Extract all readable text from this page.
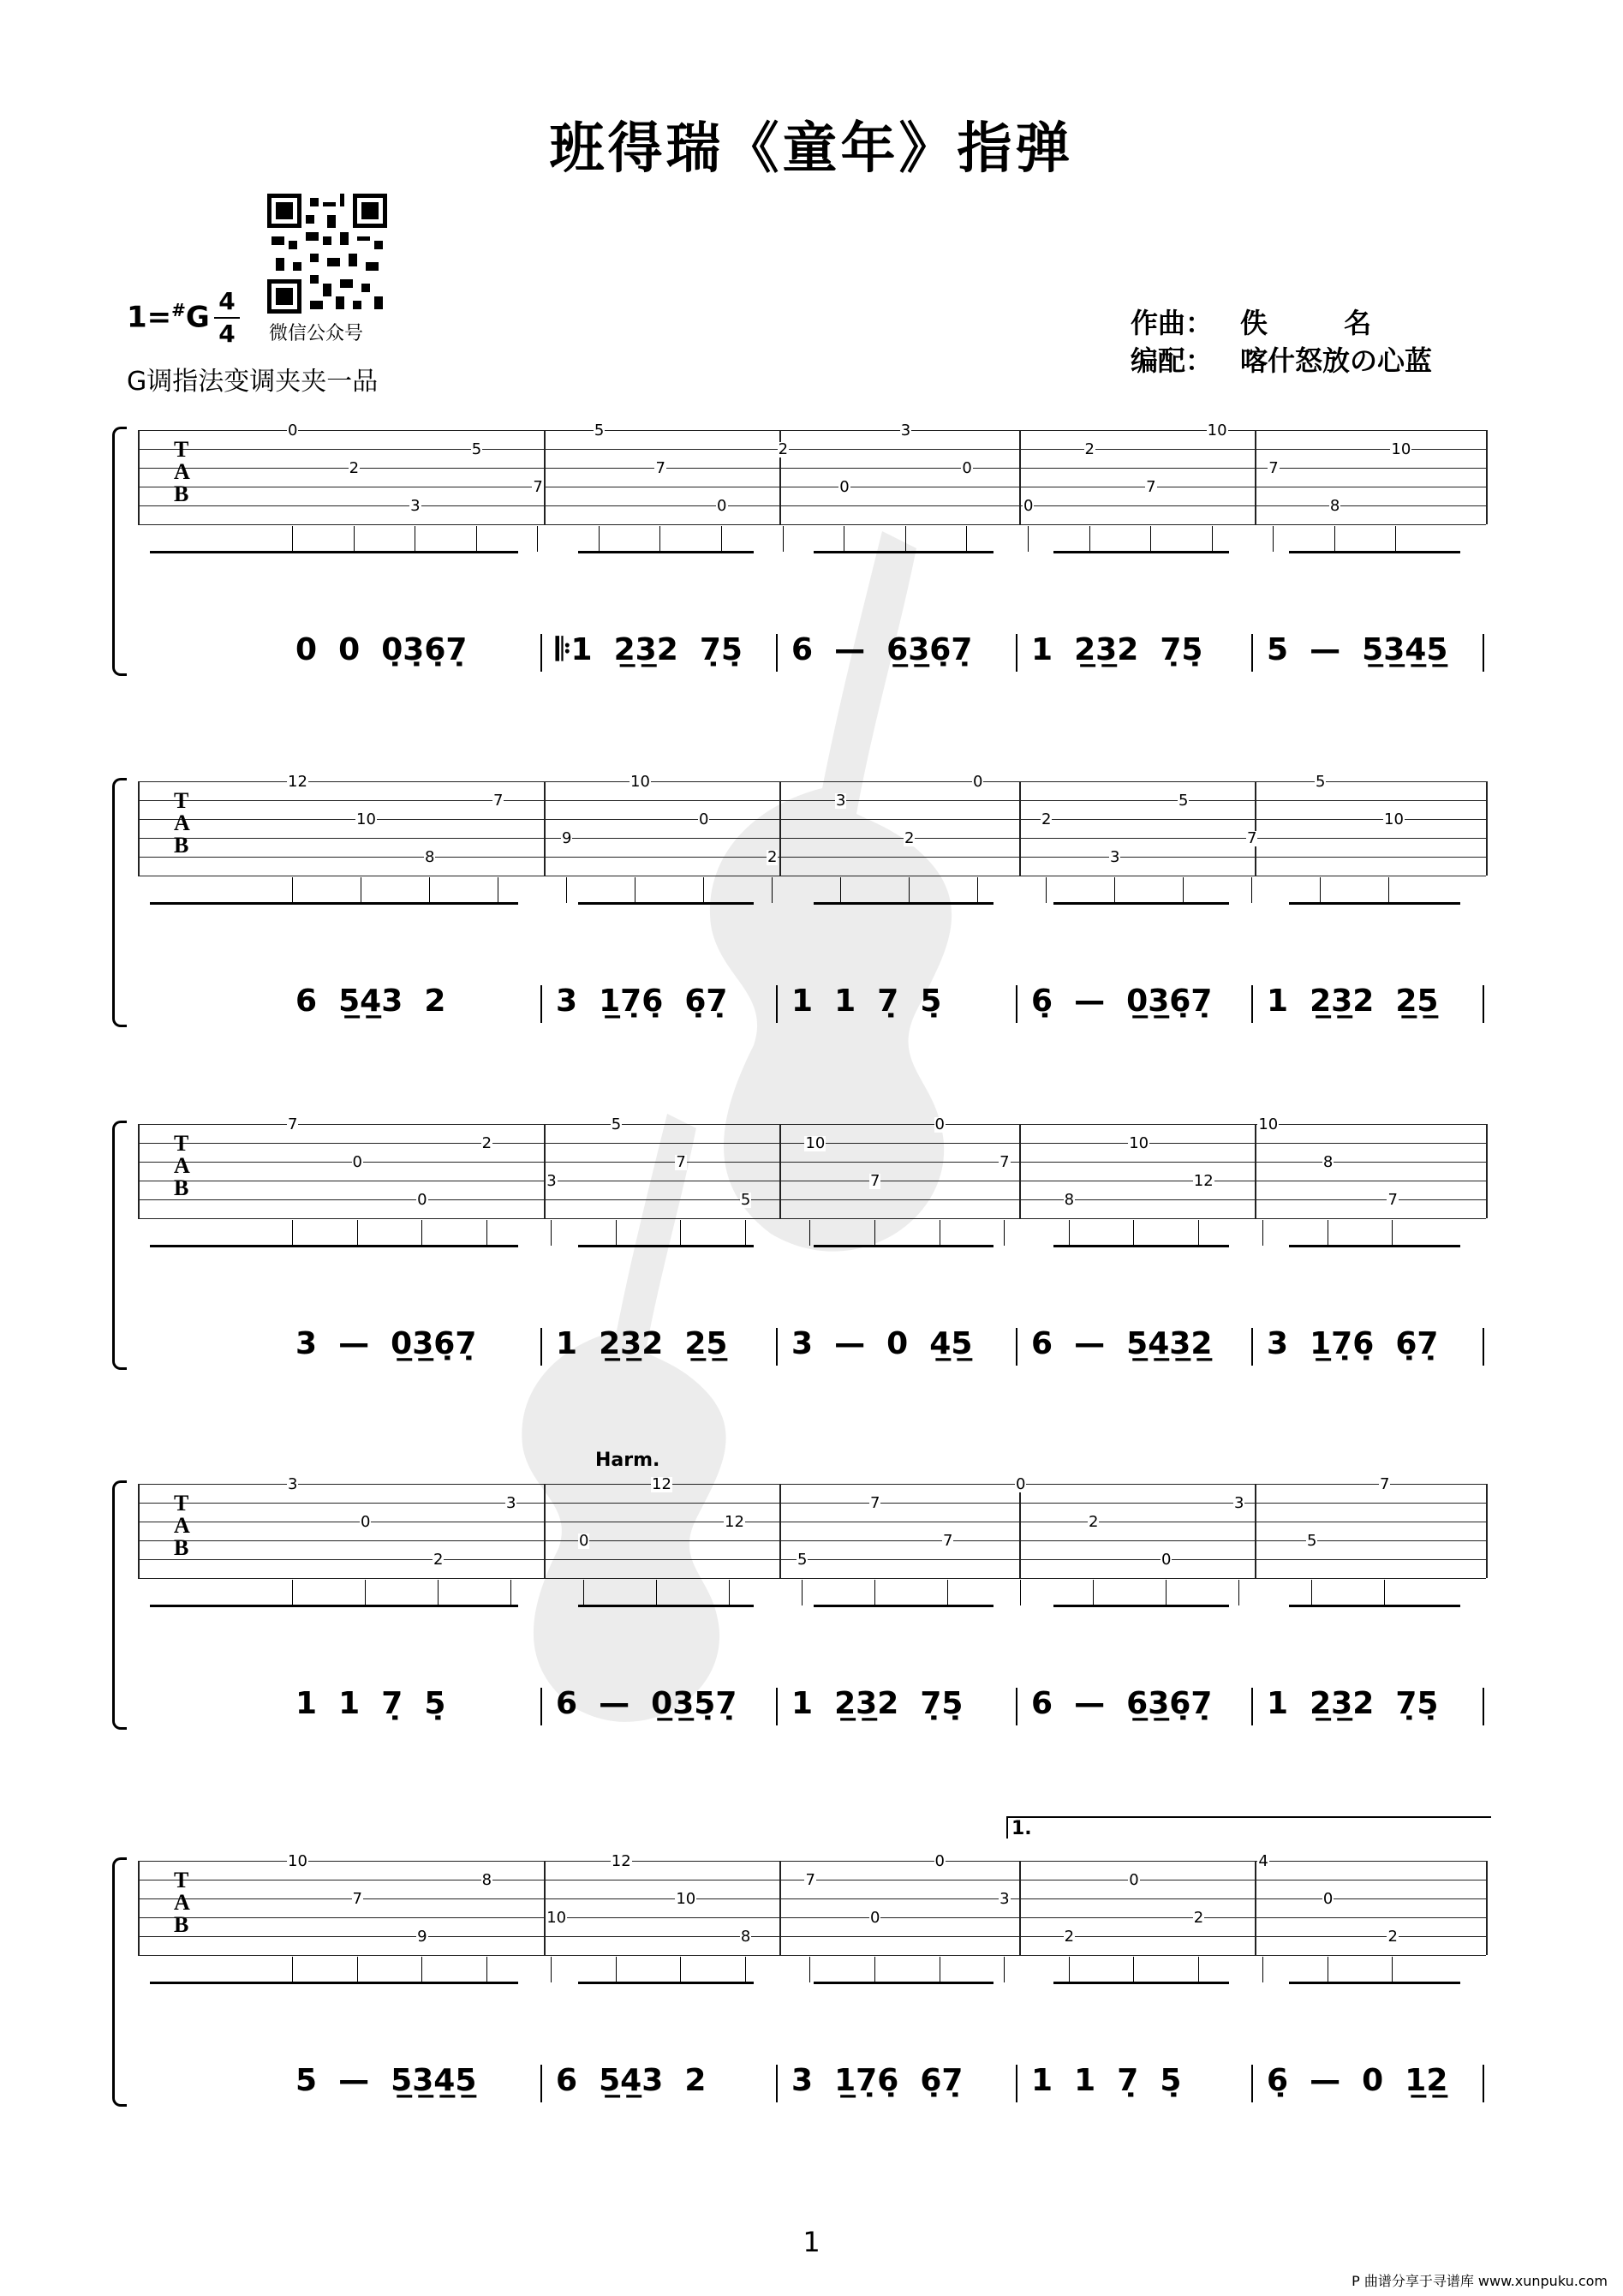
班得瑞《童年》指弹
微信公众号
1=#G 4
4	作曲： 佚        名
编配： 喀什怒放の心蓝
G调指法变调夹夹一品
T
A
B
0
2
3
5
7
5
7
0
2
0
3
0
0
2
7
10
7
8
10
0  0  0̣3̣6̣7̣	𝄆1  2̲3̲2  7̣5̣ 6  —  6̲3̲6̣7̣ 1  2̲3̲2  7̣5̣ 5  —  5̲3̲4̲5̲
T
A
B
12
10
8
7
9
10
0
2
3
2
0
2
3
5
7
5
10
6  5̲4̲3  2	3  1̲7̣6̣  6̣7̣ 1  1  7̣  5̣	6̣  —  0̲3̲6̣7̣ 1  2̲3̲2  2̲5̲
T
A
B
7
0
0
2
3
5
7
5
10
7
0
7
8
10
12
10
8
7
3  —  0̲3̲6̣7̣	1  2̲3̲2  2̲5̲ 3  —  0  4̲5̲ 6  —  5̲4̲3̲2̲ 3  1̲7̣6̣  6̣7̣
T
A
B
3
0
2
3
0
12
12
5
7
7
0
2
0
3
5
7
1  1  7̣  5̣	6  —  0̲3̲5̣7̣ 1  2̲3̲2  7̣5̣ 6  —  6̲3̲6̣7̣ 1  2̲3̲2  7̣5̣
Harm.
T
A
B
10
7
9
8
10
12
10
8
7
0
0
3
2
0
2
4
0
2
5  —  5̲3̲4̲5̲	6  5̲4̲3  2	3  1̲7̣6̣  6̣7̣ 1  1  7̣  5̣	6̣  —  0  1̲2̲
1.
1
P 曲谱分享于寻谱库 www.xunpuku.com
